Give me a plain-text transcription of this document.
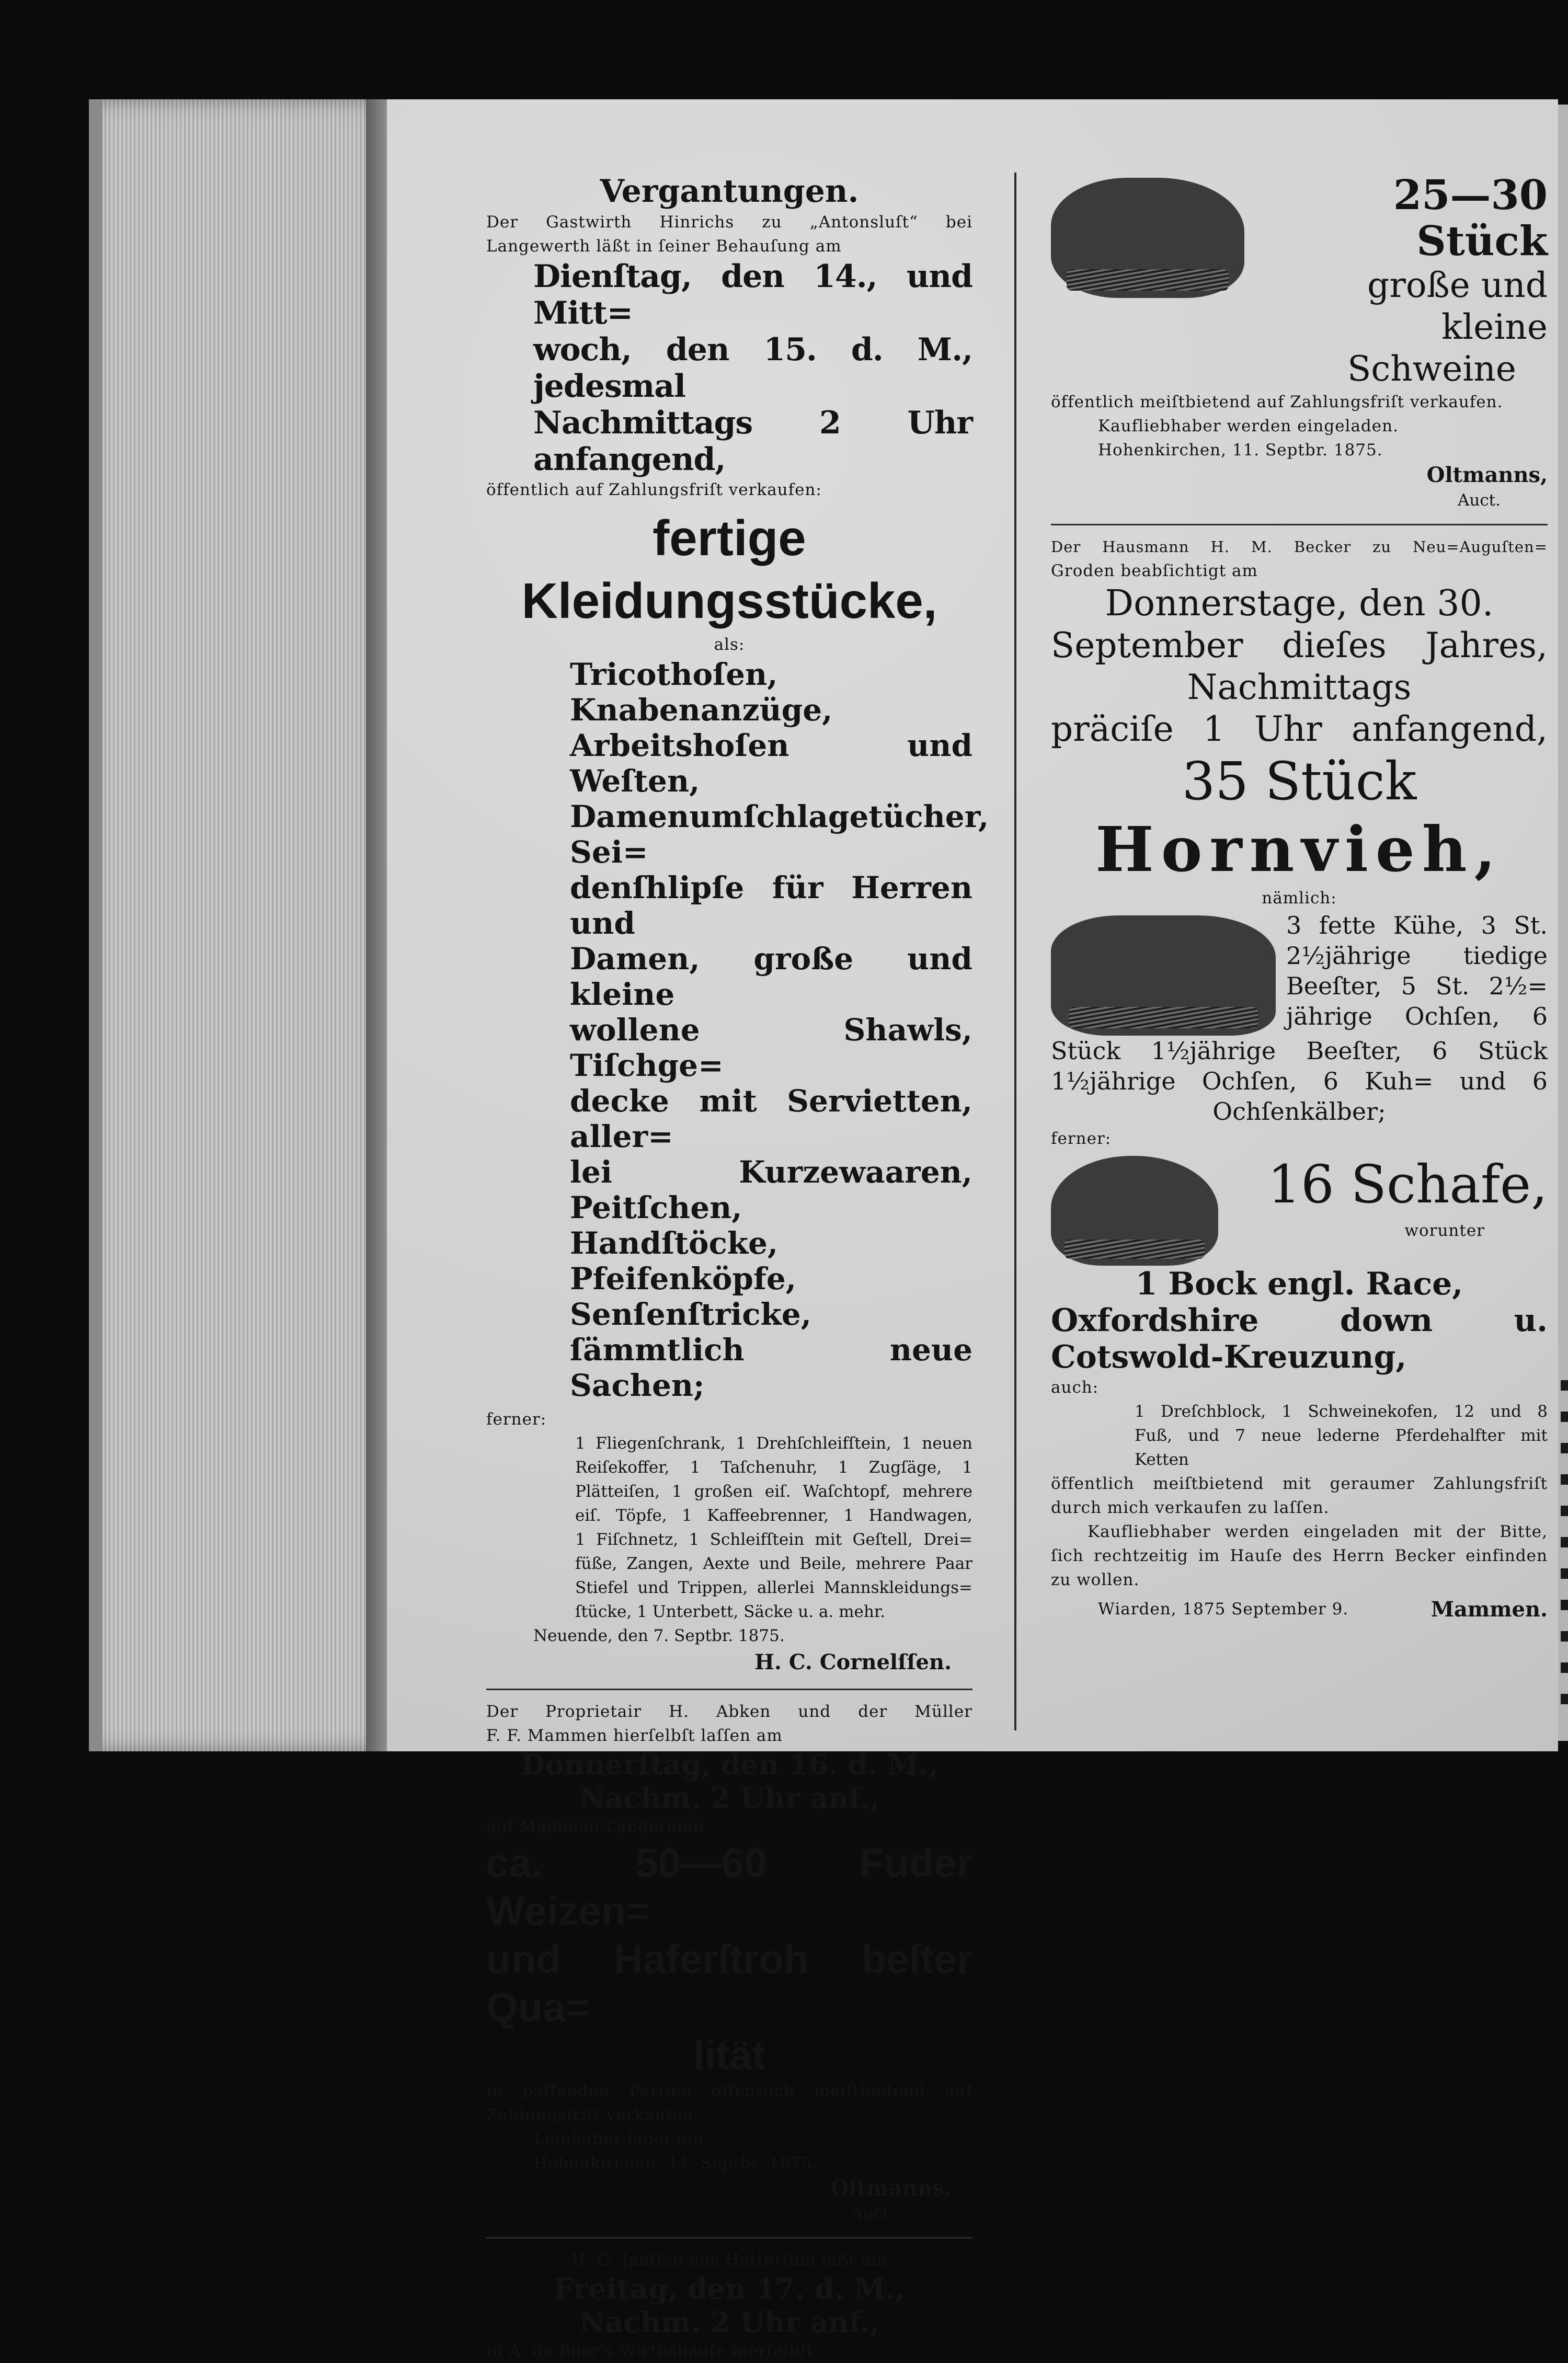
Vergantungen.
Der Gastwirth Hinrichs zu „Antonsluſt“ bei
Langewerth läßt in ſeiner Behauſung am
Dienſtag, den 14., und Mitt=
woch, den 15. d. M., jedesmal
Nachmittags 2 Uhr anfangend,
öffentlich auf Zahlungsfriſt verkaufen:
fertige Kleidungsstücke,
als:
Tricothoſen, Knabenanzüge,
Arbeitshoſen und Weſten,
Damenumſchlagetücher, Sei=
denſhlipſe für Herren und
Damen, große und kleine
wollene Shawls, Tiſchge=
decke mit Servietten, aller=
lei Kurzewaaren, Peitſchen,
Handſtöcke, Pfeifenköpfe,
Senſenſtricke, ſämmtlich neue
Sachen;
ferner:
1 Fliegenſchrank, 1 Drehſchleifſtein, 1 neuen
Reiſekoffer, 1 Taſchenuhr, 1 Zugſäge, 1
Plätteiſen, 1 großen eiſ. Waſchtopf, mehrere
eiſ. Töpfe, 1 Kaffeebrenner, 1 Handwagen,
1 Fiſchnetz, 1 Schleifſtein mit Geſtell, Drei=
füße, Zangen, Aexte und Beile, mehrere Paar
Stiefel und Trippen, allerlei Mannskleidungs=
ſtücke, 1 Unterbett, Säcke u. a. mehr.
Neuende, den 7. Septbr. 1875.
H. C. Cornelſſen.
Der Proprietair H. Abken und der Müller
F. F. Mammen hierſelbſt laſſen am
Donnerſtag, den 16. d. M.,
Nachm. 2 Uhr anf.,
auf Mammen Ländereien
ca. 50—60 Fuder Weizen=
und Haferſtroh beſter Qua=
lität
in paſſenden Partien öffentlich meiſtbietend auf
Zahlungsfriſt verkaufen.
Liebhaber ladet ein
Hohenkirchen, 11. Septbr. 1875.
Oltmanns,
Auct.
H. G. Janſſen aus Hatterſum läßt am
Freitag, den 17. d. M.,
Nachm. 2 Uhr anf.,
in A. de Boer's Wirthshauſe hierſelbſt
25—30 Stück
große und kleine
Schweine
öffentlich meiſtbietend auf Zahlungsfriſt verkaufen.
Kaufliebhaber werden eingeladen.
Hohenkirchen, 11. Septbr. 1875.
Oltmanns,
Auct.
Der Hausmann H. M. Becker zu Neu=Auguſten=
Groden beabſichtigt am
Donnerstage, den 30.
September dieſes Jahres,
Nachmittags
präciſe 1 Uhr anfangend,
35 Stück
Hornvieh,
nämlich:
3 fette Kühe, 3 St.
2½jährige tiedige
Beeſter, 5 St. 2½=
jährige Ochſen, 6
Stück 1½jährige Beeſter, 6 Stück
1½jährige Ochſen, 6 Kuh= und 6
Ochſenkälber;
ferner:
16 Schafe,
worunter
1 Bock engl. Race,
Oxfordshire down u.
Cotswold-Kreuzung,
auch:
1 Dreſchblock, 1 Schweinekofen, 12 und 8
Fuß, und 7 neue lederne Pferdehalfter mit
Ketten
öffentlich meiſtbietend mit geraumer Zahlungsfriſt
durch mich verkaufen zu laſſen.
Kaufliebhaber werden eingeladen mit der Bitte,
ſich rechtzeitig im Hauſe des Herrn Becker einfinden
zu wollen.
Wiarden, 1875 September 9.	Mammen.
